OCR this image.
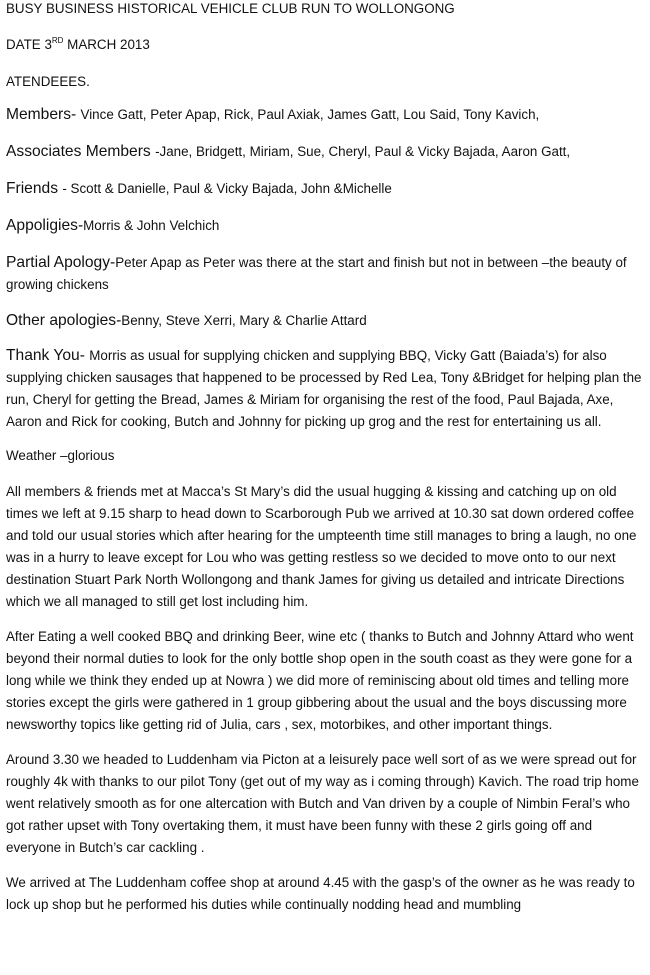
BUSY BUSINESS HISTORICAL VEHICLE CLUB RUN TO WOLLONGONG

DATE 3RD MARCH 2013

ATENDEEES.

Members- Vince Gatt, Peter Apap, Rick, Paul Axiak, James Gatt, Lou Said, Tony Kavich,

Associates Members -Jane, Bridgett, Miriam, Sue, Cheryl, Paul & Vicky Bajada, Aaron Gatt,

Friends - Scott & Danielle, Paul & Vicky Bajada, John &Michelle

Appoligies-Morris & John Velchich

Partial Apology-Peter Apap as Peter was there at the start and finish but not in between –the beauty of growing chickens

Other apologies-Benny, Steve Xerri, Mary & Charlie Attard

Thank You- Morris as usual for supplying chicken and supplying BBQ, Vicky Gatt (Baiada’s) for also supplying chicken sausages that happened to be processed by Red Lea, Tony &Bridget for helping plan the run, Cheryl for getting the Bread, James & Miriam for organising the rest of the food, Paul Bajada, Axe, Aaron and Rick for cooking, Butch and Johnny for picking up grog and the rest for entertaining us all.

Weather –glorious

All members & friends met at Macca’s St Mary’s did the usual hugging & kissing and catching up on old times we left at 9.15 sharp to head down to Scarborough Pub we arrived at 10.30 sat down ordered coffee and told our usual stories which after hearing for the umpteenth time still manages to bring a laugh, no one was in a hurry to leave except for Lou who was getting restless so we decided to move onto to our next destination Stuart Park North Wollongong and thank James for giving us detailed and intricate Directions which we all managed to still get lost including him.

After Eating a well cooked BBQ and drinking Beer, wine etc ( thanks to Butch and Johnny Attard who went beyond their normal duties to look for the only bottle shop open in the south coast as they were gone for a long while we think they ended up at Nowra ) we did more of reminiscing about old times and telling more stories except the girls were gathered in 1 group gibbering about the usual and the boys discussing more newsworthy topics like getting rid of Julia, cars , sex, motorbikes, and other important things.

Around 3.30 we headed to Luddenham via Picton at a leisurely pace well sort of as we were spread out for roughly 4k with thanks to our pilot Tony (get out of my way as i coming through) Kavich. The road trip home went relatively smooth as for one altercation with Butch and Van driven by a couple of Nimbin Feral’s who got rather upset with Tony overtaking them, it must have been funny with these 2 girls going off and everyone in Butch’s car cackling .

We arrived at The Luddenham coffee shop at around 4.45 with the gasp’s of the owner as he was ready to lock up shop but he performed his duties while continually nodding head and mumbling
